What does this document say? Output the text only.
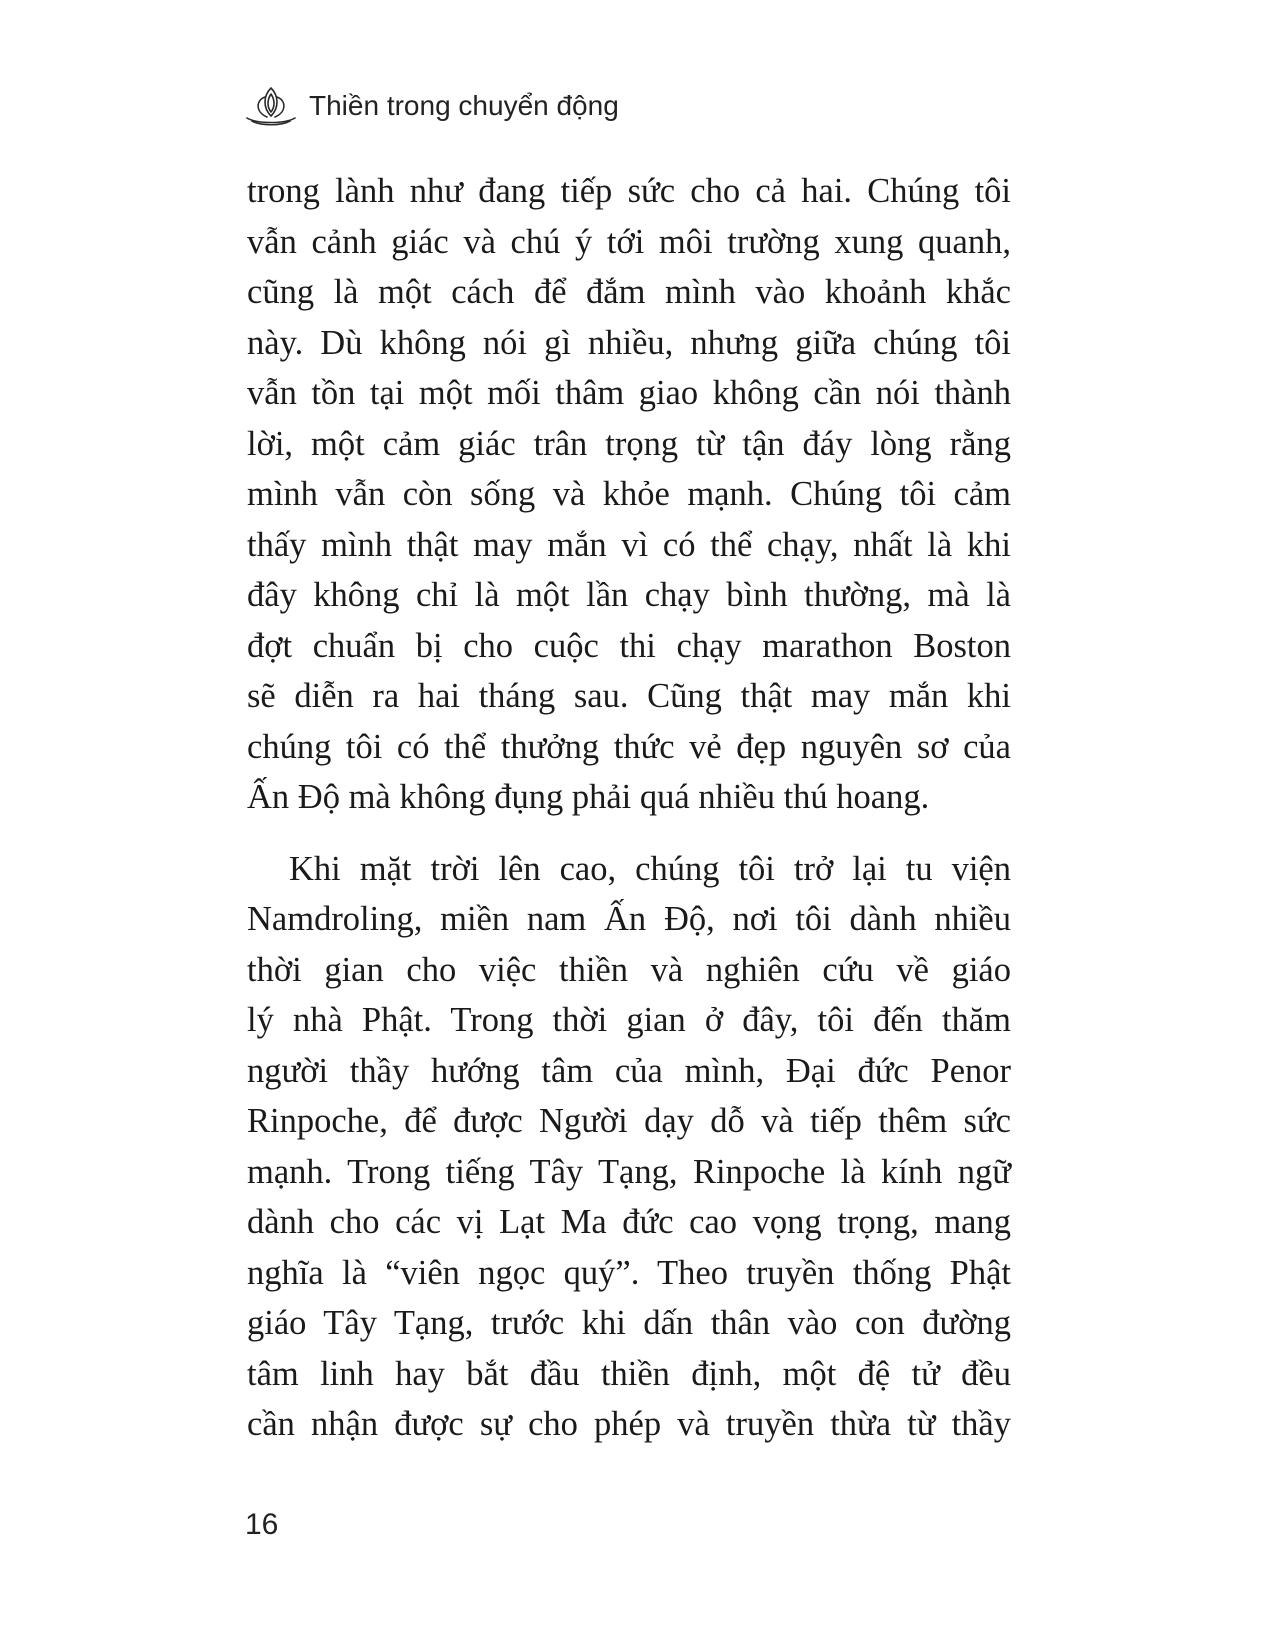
Thiền trong chuyển động

trong lành như đang tiếp sức cho cả hai. Chúng tôi
vẫn cảnh giác và chú ý tới môi trường xung quanh,
cũng là một cách để đắm mình vào khoảnh khắc
này. Dù không nói gì nhiều, nhưng giữa chúng tôi
vẫn tồn tại một mối thâm giao không cần nói thành
lời, một cảm giác trân trọng từ tận đáy lòng rằng
mình vẫn còn sống và khỏe mạnh. Chúng tôi cảm
thấy mình thật may mắn vì có thể chạy, nhất là khi
đây không chỉ là một lần chạy bình thường, mà là
đợt chuẩn bị cho cuộc thi chạy marathon Boston
sẽ diễn ra hai tháng sau. Cũng thật may mắn khi
chúng tôi có thể thưởng thức vẻ đẹp nguyên sơ của
Ấn Độ mà không đụng phải quá nhiều thú hoang.

Khi mặt trời lên cao, chúng tôi trở lại tu viện
Namdroling, miền nam Ấn Độ, nơi tôi dành nhiều
thời gian cho việc thiền và nghiên cứu về giáo
lý nhà Phật. Trong thời gian ở đây, tôi đến thăm
người thầy hướng tâm của mình, Đại đức Penor
Rinpoche, để được Người dạy dỗ và tiếp thêm sức
mạnh. Trong tiếng Tây Tạng, Rinpoche là kính ngữ
dành cho các vị Lạt Ma đức cao vọng trọng, mang
nghĩa là “viên ngọc quý”. Theo truyền thống Phật
giáo Tây Tạng, trước khi dấn thân vào con đường
tâm linh hay bắt đầu thiền định, một đệ tử đều
cần nhận được sự cho phép và truyền thừa từ thầy

16
